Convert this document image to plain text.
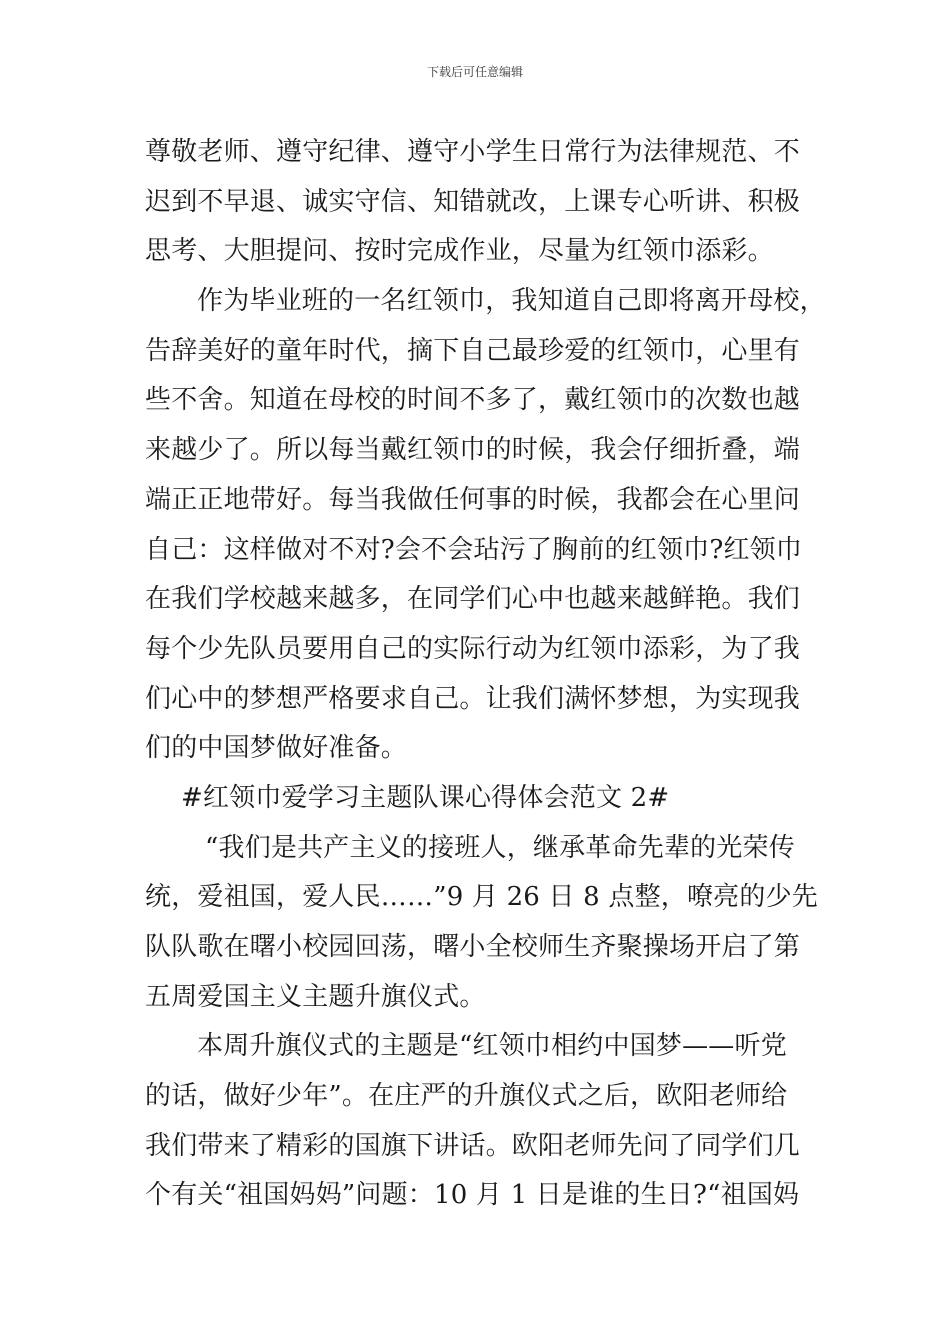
下载后可任意编辑
尊敬老师、遵守纪律、遵守小学生日常行为法律规范、不
迟到不早退、诚实守信、知错就改，上课专心听讲、积极
思考、大胆提问、按时完成作业，尽量为红领巾添彩。
作为毕业班的一名红领巾，我知道自己即将离开母校，
告辞美好的童年时代，摘下自己最珍爱的红领巾，心里有
些不舍。知道在母校的时间不多了，戴红领巾的次数也越
来越少了。所以每当戴红领巾的时候，我会仔细折叠，端
端正正地带好。每当我做任何事的时候，我都会在心里问
自己：这样做对不对?会不会玷污了胸前的红领巾?红领巾
在我们学校越来越多，在同学们心中也越来越鲜艳。我们
每个少先队员要用自己的实际行动为红领巾添彩，为了我
们心中的梦想严格要求自己。让我们满怀梦想，为实现我
们的中国梦做好准备。
#红领巾爱学习主题队课心得体会范文 2#
“我们是共产主义的接班人，继承革命先辈的光荣传
统，爱祖国，爱人民……”9 月 26 日 8 点整，嘹亮的少先
队队歌在曙小校园回荡，曙小全校师生齐聚操场开启了第
五周爱国主义主题升旗仪式。
本周升旗仪式的主题是“红领巾相约中国梦——听党
的话，做好少年”。在庄严的升旗仪式之后，欧阳老师给
我们带来了精彩的国旗下讲话。欧阳老师先问了同学们几
个有关“祖国妈妈”问题：10 月 1 日是谁的生日?“祖国妈
